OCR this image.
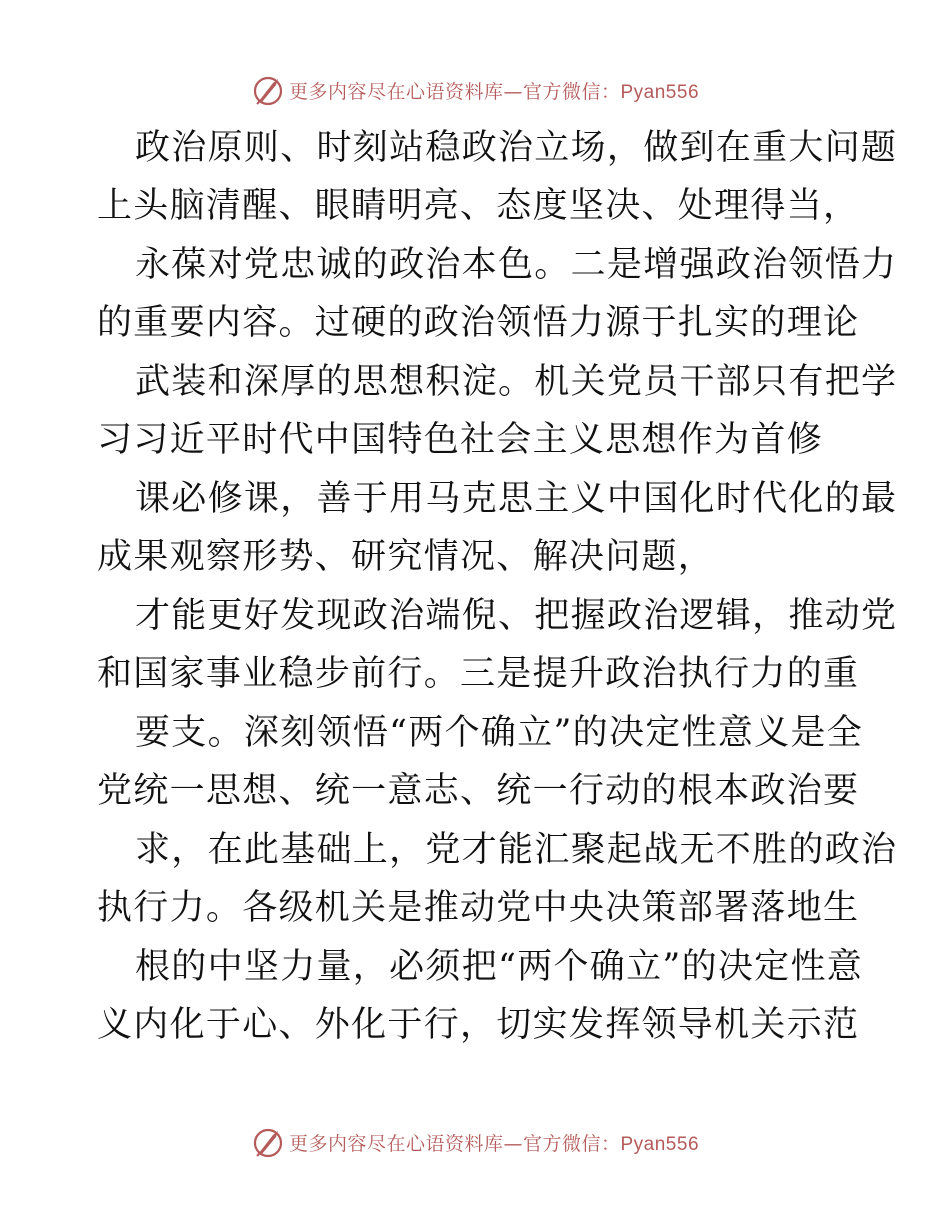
更多内容尽在心语资料库—官方微信：Pyan556
政治原则、时刻站稳政治立场，做到在重大问题
上头脑清醒、眼睛明亮、态度坚决、处理得当，
永葆对党忠诚的政治本色。二是增强政治领悟力
的重要内容。过硬的政治领悟力源于扎实的理论
武装和深厚的思想积淀。机关党员干部只有把学
习习近平时代中国特色社会主义思想作为首修
课必修课，善于用马克思主义中国化时代化的最
成果观察形势、研究情况、解决问题，
才能更好发现政治端倪、把握政治逻辑，推动党
和国家事业稳步前行。三是提升政治执行力的重
要支。深刻领悟“两个确立”的决定性意义是全
党统一思想、统一意志、统一行动的根本政治要
求，在此基础上，党才能汇聚起战无不胜的政治
执行力。各级机关是推动党中央决策部署落地生
根的中坚力量，必须把“两个确立”的决定性意
义内化于心、外化于行，切实发挥领导机关示范
更多内容尽在心语资料库—官方微信：Pyan556
